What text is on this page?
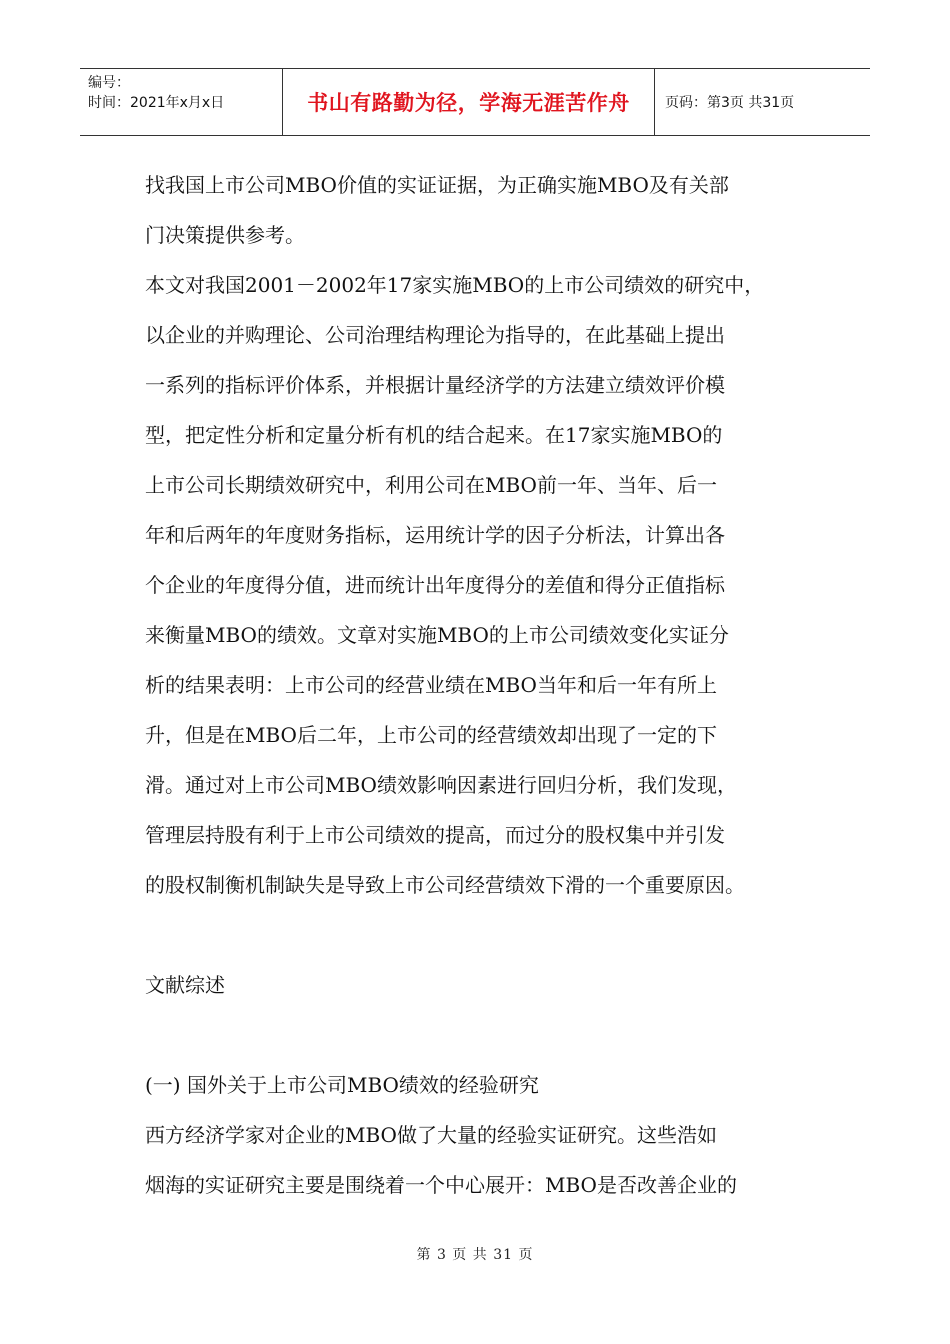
编号：
时间：2021年x月x日	书山有路勤为径，学海无涯苦作舟	页码：第3页 共31页
找我国上市公司MBO价值的实证证据，为正确实施MBO及有关部
门决策提供参考。
本文对我国2001－2002年17家实施MBO的上市公司绩效的研究中，
以企业的并购理论、公司治理结构理论为指导的，在此基础上提出
一系列的指标评价体系，并根据计量经济学的方法建立绩效评价模
型，把定性分析和定量分析有机的结合起来。在17家实施MBO的
上市公司长期绩效研究中，利用公司在MBO前一年、当年、后一
年和后两年的年度财务指标，运用统计学的因子分析法，计算出各
个企业的年度得分值，进而统计出年度得分的差值和得分正值指标
来衡量MBO的绩效。文章对实施MBO的上市公司绩效变化实证分
析的结果表明：上市公司的经营业绩在MBO当年和后一年有所上
升，但是在MBO后二年，上市公司的经营绩效却出现了一定的下
滑。通过对上市公司MBO绩效影响因素进行回归分析，我们发现，
管理层持股有利于上市公司绩效的提高，而过分的股权集中并引发
的股权制衡机制缺失是导致上市公司经营绩效下滑的一个重要原因。
文献综述
(一) 国外关于上市公司MBO绩效的经验研究
西方经济学家对企业的MBO做了大量的经验实证研究。这些浩如
烟海的实证研究主要是围绕着一个中心展开：MBO是否改善企业的
第 3 页 共 31 页
